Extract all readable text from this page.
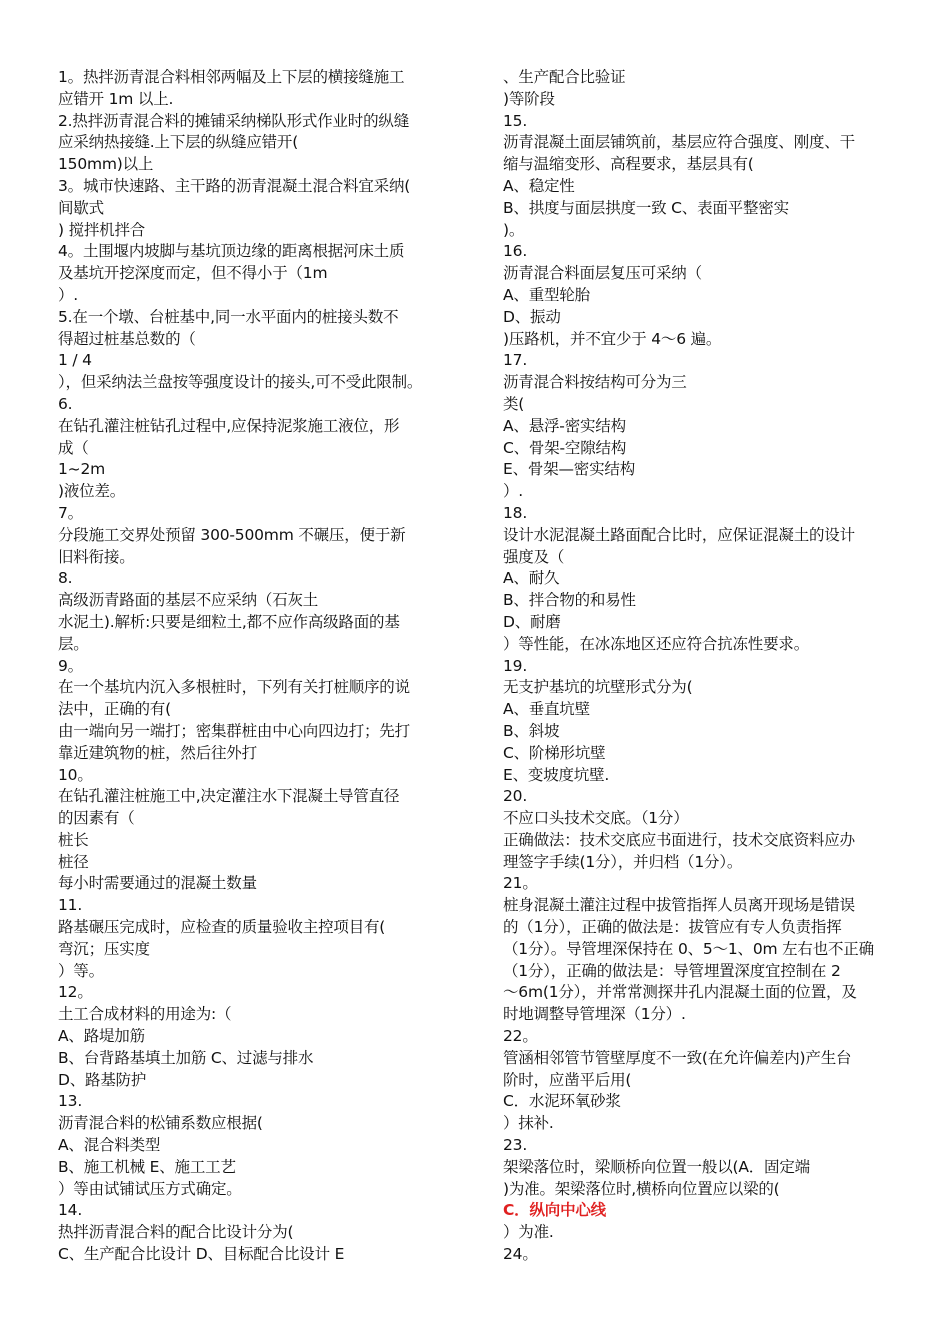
1。热拌沥青混合料相邻两幅及上下层的横接缝施工
应错开 1m 以上.
2.热拌沥青混合料的摊铺采纳梯队形式作业时的纵缝
应采纳热接缝.上下层的纵缝应错开(
150mm)以上
3。城市快速路、主干路的沥青混凝土混合料宜采纳(
间歇式
) 搅拌机拌合
4。土围堰内坡脚与基坑顶边缘的距离根据河床土质
及基坑开挖深度而定，但不得小于（1m
）.
5.在一个墩、台桩基中,同一水平面内的桩接头数不
得超过桩基总数的（
1 / 4
），但采纳法兰盘按等强度设计的接头,可不受此限制。
6.
在钻孔灌注桩钻孔过程中,应保持泥浆施工液位，形
成（
1~2m
)液位差。
7。
分段施工交界处预留 300-500mm 不碾压，便于新
旧料衔接。
8.
高级沥青路面的基层不应采纳（石灰土
水泥土).解析:只要是细粒土,都不应作高级路面的基
层。
9。
在一个基坑内沉入多根桩时，下列有关打桩顺序的说
法中，正确的有(
由一端向另一端打；密集群桩由中心向四边打；先打
靠近建筑物的桩，然后往外打
10。
在钻孔灌注桩施工中,决定灌注水下混凝土导管直径
的因素有（
桩长
桩径
每小时需要通过的混凝土数量
11.
路基碾压完成时，应检查的质量验收主控项目有(
弯沉；压实度
）等。
12。
土工合成材料的用途为:（
A、路堤加筋
B、台背路基填土加筋 C、过滤与排水
D、路基防护
13.
沥青混合料的松铺系数应根据(
A、混合料类型
B、施工机械 E、施工工艺
）等由试铺试压方式确定。
14.
热拌沥青混合料的配合比设计分为(
C、生产配合比设计 D、目标配合比设计 E
、生产配合比验证
)等阶段
15.
沥青混凝土面层铺筑前，基层应符合强度、刚度、干
缩与温缩变形、高程要求，基层具有(
A、稳定性
B、拱度与面层拱度一致 C、表面平整密实
)。
16.
沥青混合料面层复压可采纳（
A、重型轮胎
D、振动
)压路机，并不宜少于 4～6 遍。
17.
沥青混合料按结构可分为三
类(
A、悬浮-密实结构
C、骨架-空隙结构
E、骨架—密实结构
）.
18.
设计水泥混凝土路面配合比时，应保证混凝土的设计
强度及（
A、耐久
B、拌合物的和易性
D、耐磨
）等性能，在冰冻地区还应符合抗冻性要求。
19.
无支护基坑的坑壁形式分为(
A、垂直坑壁
B、斜坡
C、阶梯形坑壁
E、变坡度坑壁.
20.
不应口头技术交底。（1分）
正确做法：技术交底应书面进行，技术交底资料应办
理签字手续(1分），并归档（1分）。
21。
桩身混凝土灌注过程中拔管指挥人员离开现场是错误
的（1分），正确的做法是：拔管应有专人负责指挥
（1分）。导管埋深保持在 0、5～1、0m 左右也不正确
（1分），正确的做法是：导管埋置深度宜控制在 2
～6m(1分），并常常测探井孔内混凝土面的位置，及
时地调整导管埋深（1分）.
22。
管涵相邻管节管壁厚度不一致(在允许偏差内)产生台
阶时，应凿平后用(
C．水泥环氧砂浆
）抹补.
23.
架梁落位时，梁顺桥向位置一般以(A．固定端
)为准。架梁落位时,横桥向位置应以梁的(
C．纵向中心线
）为准.
24。
